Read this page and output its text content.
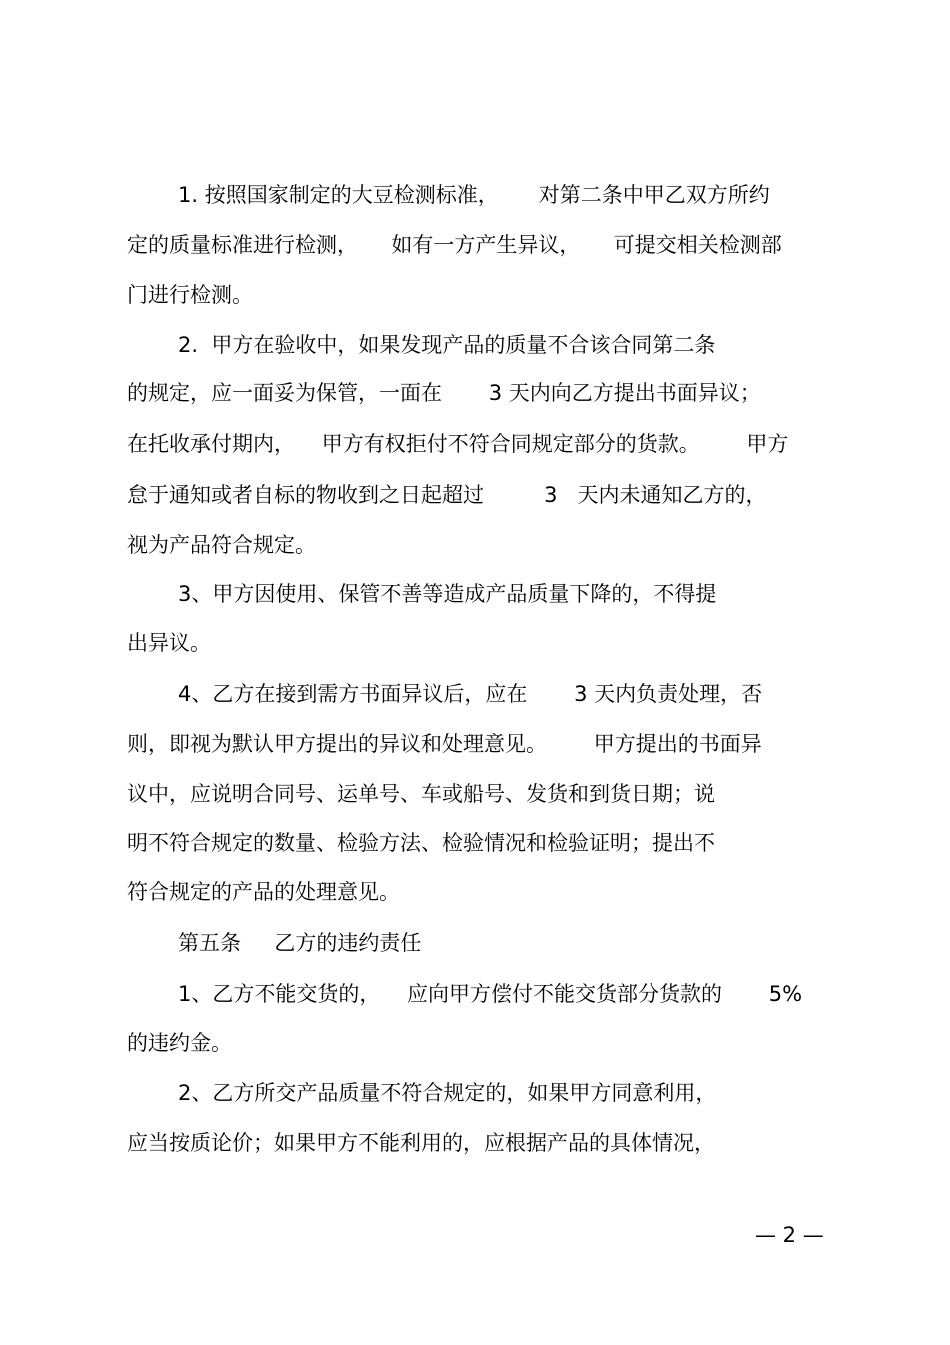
1. 按照国家制定的大豆检测标准，      对第二条中甲乙双方所约
定的质量标准进行检测，     如有一方产生异议，     可提交相关检测部
门进行检测。
2.  甲方在验收中，如果发现产品的质量不合该合同第二条
的规定，应一面妥为保管，一面在       3 天内向乙方提出书面异议；
在托收承付期内，    甲方有权拒付不符合同规定部分的货款。       甲方
怠于通知或者自标的物收到之日起超过         3   天内未通知乙方的，
视为产品符合规定。
3、甲方因使用、保管不善等造成产品质量下降的，不得提
出异议。
4、乙方在接到需方书面异议后，应在       3 天内负责处理，否
则，即视为默认甲方提出的异议和处理意见。       甲方提出的书面异
议中，应说明合同号、运单号、车或船号、发货和到货日期；说
明不符合规定的数量、检验方法、检验情况和检验证明；提出不
符合规定的产品的处理意见。
第五条     乙方的违约责任
1、乙方不能交货的，    应向甲方偿付不能交货部分货款的       5%
的违约金。
2、乙方所交产品质量不符合规定的，如果甲方同意利用，
应当按质论价；如果甲方不能利用的，应根据产品的具体情况，
— 2 —
